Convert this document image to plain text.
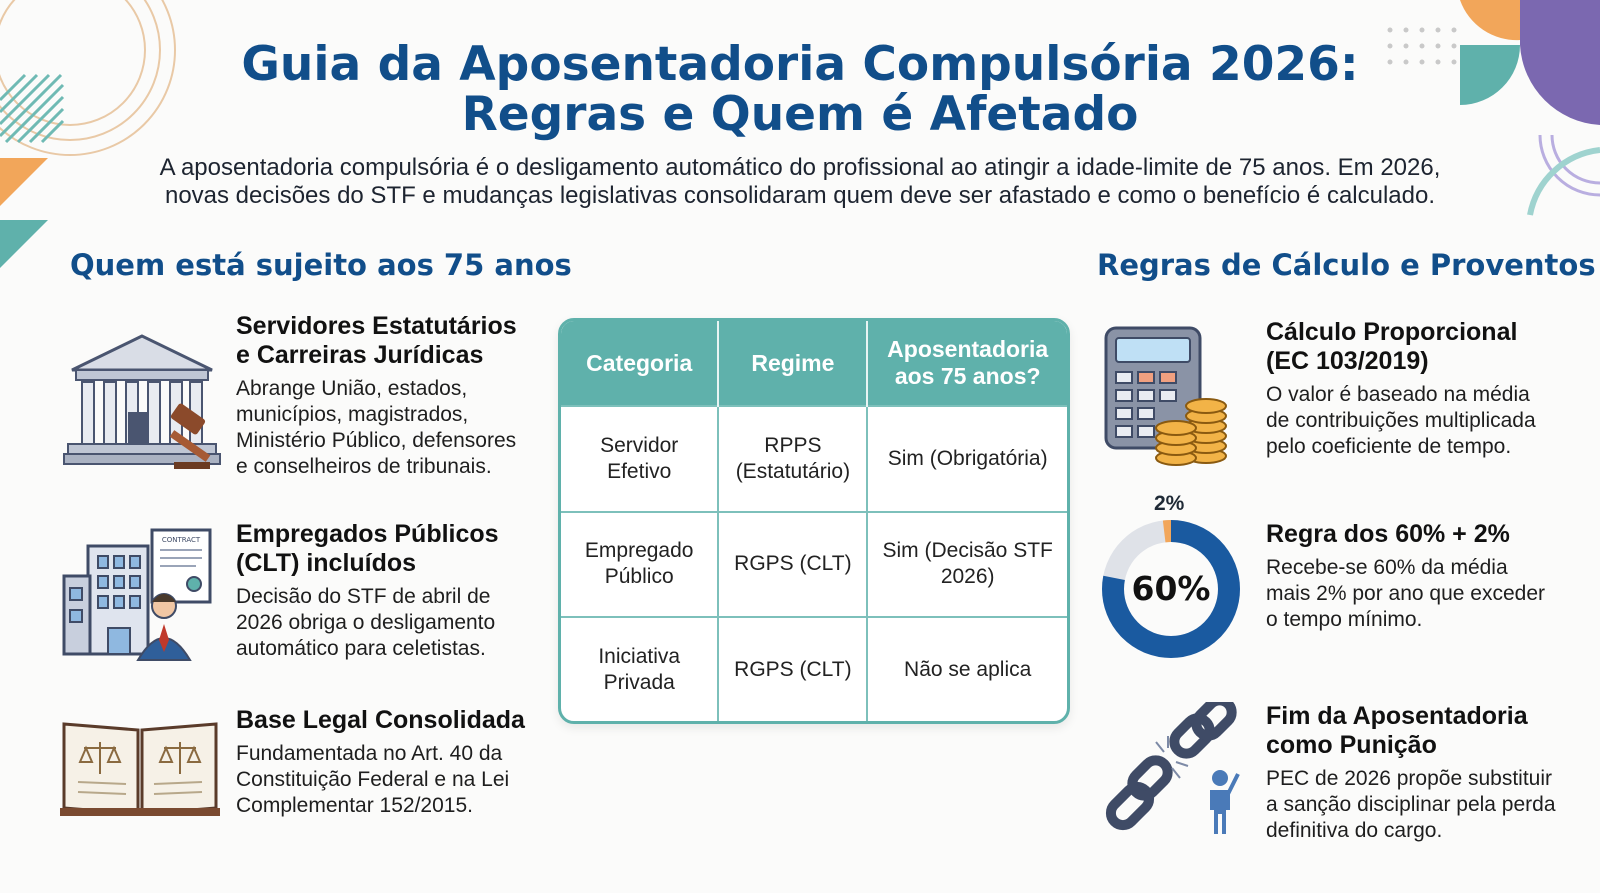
Guia da Aposentadoria Compulsória 2026:
Regras e Quem é Afetado
A aposentadoria compulsória é o desligamento automático do profissional ao atingir a idade-limite de 75 anos. Em 2026,
novas decisões do STF e mudanças legislativas consolidaram quem deve ser afastado e como o benefício é calculado.
Quem está sujeito aos 75 anos
Servidores Estatutários
e Carreiras Jurídicas
Abrange União, estados, municípios, magistrados, Ministério Público, defensores e conselheiros de tribunais.
CONTRACT Empregados Públicos
(CLT) incluídos
Decisão do STF de abril de 2026 obriga o desligamento automático para celetistas.
Base Legal Consolidada
Fundamentada no Art. 40 da Constituição Federal e na Lei Complementar 152/2015.
Categoria	Regime	Aposentadoria aos 75 anos?
Servidor Efetivo	RPPS (Estatutário)	Sim (Obrigatória)
Empregado Público	RGPS (CLT)	Sim (Decisão STF 2026)
Iniciativa Privada	RGPS (CLT)	Não se aplica
Regras de Cálculo e Proventos
Cálculo Proporcional
(EC 103/2019)
O valor é baseado na média de contribuições multiplicada pelo coeficiente de tempo.
2%
60%
Regra dos 60% + 2%
Recebe-se 60% da média mais 2% por ano que exceder o tempo mínimo.
Fim da Aposentadoria
como Punição
PEC de 2026 propõe substituir a sanção disciplinar pela perda definitiva do cargo.
